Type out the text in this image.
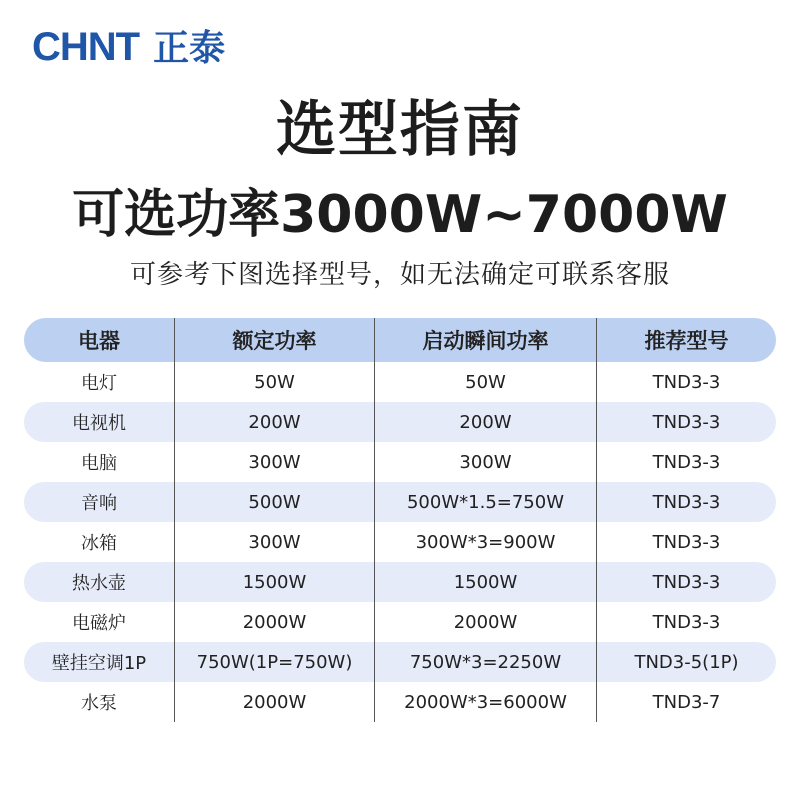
CHNT 正泰
选型指南
可选功率3000W~7000W
可参考下图选择型号，如无法确定可联系客服
电器	额定功率	启动瞬间功率	推荐型号
电灯	50W	50W	TND3-3
电视机	200W	200W	TND3-3
电脑	300W	300W	TND3-3
音响	500W	500W*1.5=750W	TND3-3
冰箱	300W	300W*3=900W	TND3-3
热水壶	1500W	1500W	TND3-3
电磁炉	2000W	2000W	TND3-3
壁挂空调1P	750W(1P=750W)	750W*3=2250W	TND3-5(1P)
水泵	2000W	2000W*3=6000W	TND3-7
